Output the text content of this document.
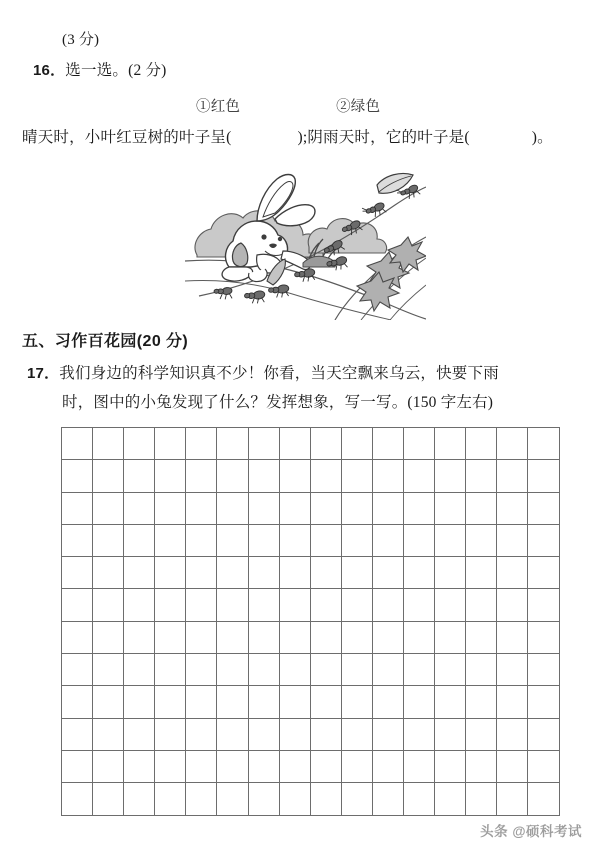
(3 分)
16．选一选。(2 分)
①红色	②绿色
晴天时，小叶红豆树的叶子呈(	);阴雨天时，它的叶子是(	)。
五、习作百花园(20 分)
17．我们身边的科学知识真不少！你看，当天空飘来乌云，快要下雨
时，图中的小兔发现了什么？发挥想象，写一写。(150 字左右)

头条 @硕科考试
